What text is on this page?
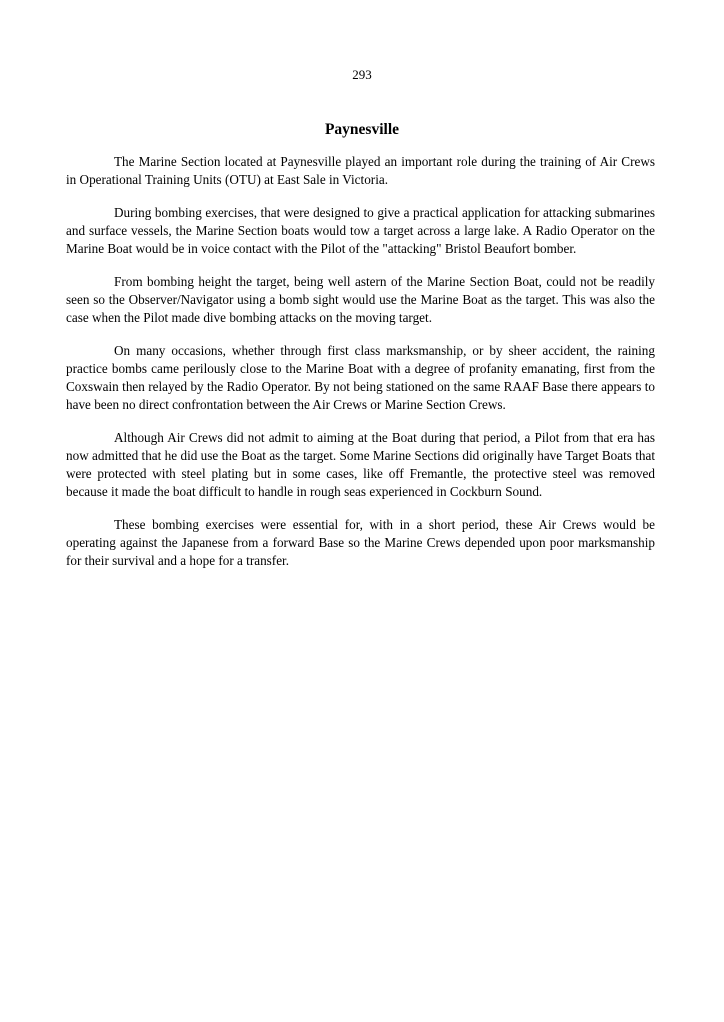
293
Paynesville

The Marine Section located at Paynesville played an important role during the training of Air Crews in Operational Training Units (OTU) at East Sale in Victoria.

During bombing exercises, that were designed to give a practical application for attacking submarines and surface vessels, the Marine Section boats would tow a target across a large lake. A Radio Operator on the Marine Boat would be in voice contact with the Pilot of the "attacking" Bristol Beaufort bomber.

From bombing height the target, being well astern of the Marine Section Boat, could not be readily seen so the Observer/Navigator using a bomb sight would use the Marine Boat as the target. This was also the case when the Pilot made dive bombing attacks on the moving target.

On many occasions, whether through first class marksmanship, or by sheer accident, the raining practice bombs came perilously close to the Marine Boat with a degree of profanity emanating, first from the Coxswain then relayed by the Radio Operator. By not being stationed on the same RAAF Base there appears to have been no direct confrontation between the Air Crews or Marine Section Crews.

Although Air Crews did not admit to aiming at the Boat during that period, a Pilot from that era has now admitted that he did use the Boat as the target. Some Marine Sections did originally have Target Boats that were protected with steel plating but in some cases, like off Fremantle, the protective steel was removed because it made the boat difficult to handle in rough seas experienced in Cockburn Sound.

These bombing exercises were essential for, with in a short period, these Air Crews would be operating against the Japanese from a forward Base so the Marine Crews depended upon poor marksmanship for their survival and a hope for a transfer.
